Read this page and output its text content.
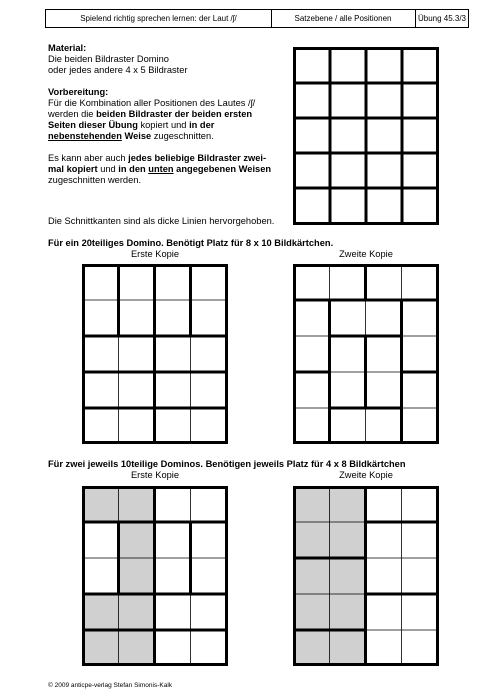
Spielend richtig sprechen lernen: der Laut /ʃ/	Satzebene / alle Positionen	Übung 45.3/3
Material:
Die beiden Bildraster Domino
oder jedes andere 4 x 5 Bildraster
Vorbereitung:
Für die Kombination aller Positionen des Lautes /ʃ/
werden die beiden Bildraster der beiden ersten
Seiten dieser Übung kopiert und in der
nebenstehenden Weise zugeschnitten.
Es kann aber auch jedes beliebige Bildraster zwei-
mal kopiert und in den unten angegebenen Weisen
zugeschnitten werden.
Die Schnittkanten sind als dicke Linien hervorgehoben.
Für ein 20teiliges Domino. Benötigt Platz für 8 x 10 Bildkärtchen.
Erste Kopie	Zweite Kopie
Für zwei jeweils 10teilige Dominos. Benötigen jeweils Platz für 4 x 8 Bildkärtchen
Erste Kopie	Zweite Kopie
© 2009 anticpe-verlag Stefan Simonis-Kalk
